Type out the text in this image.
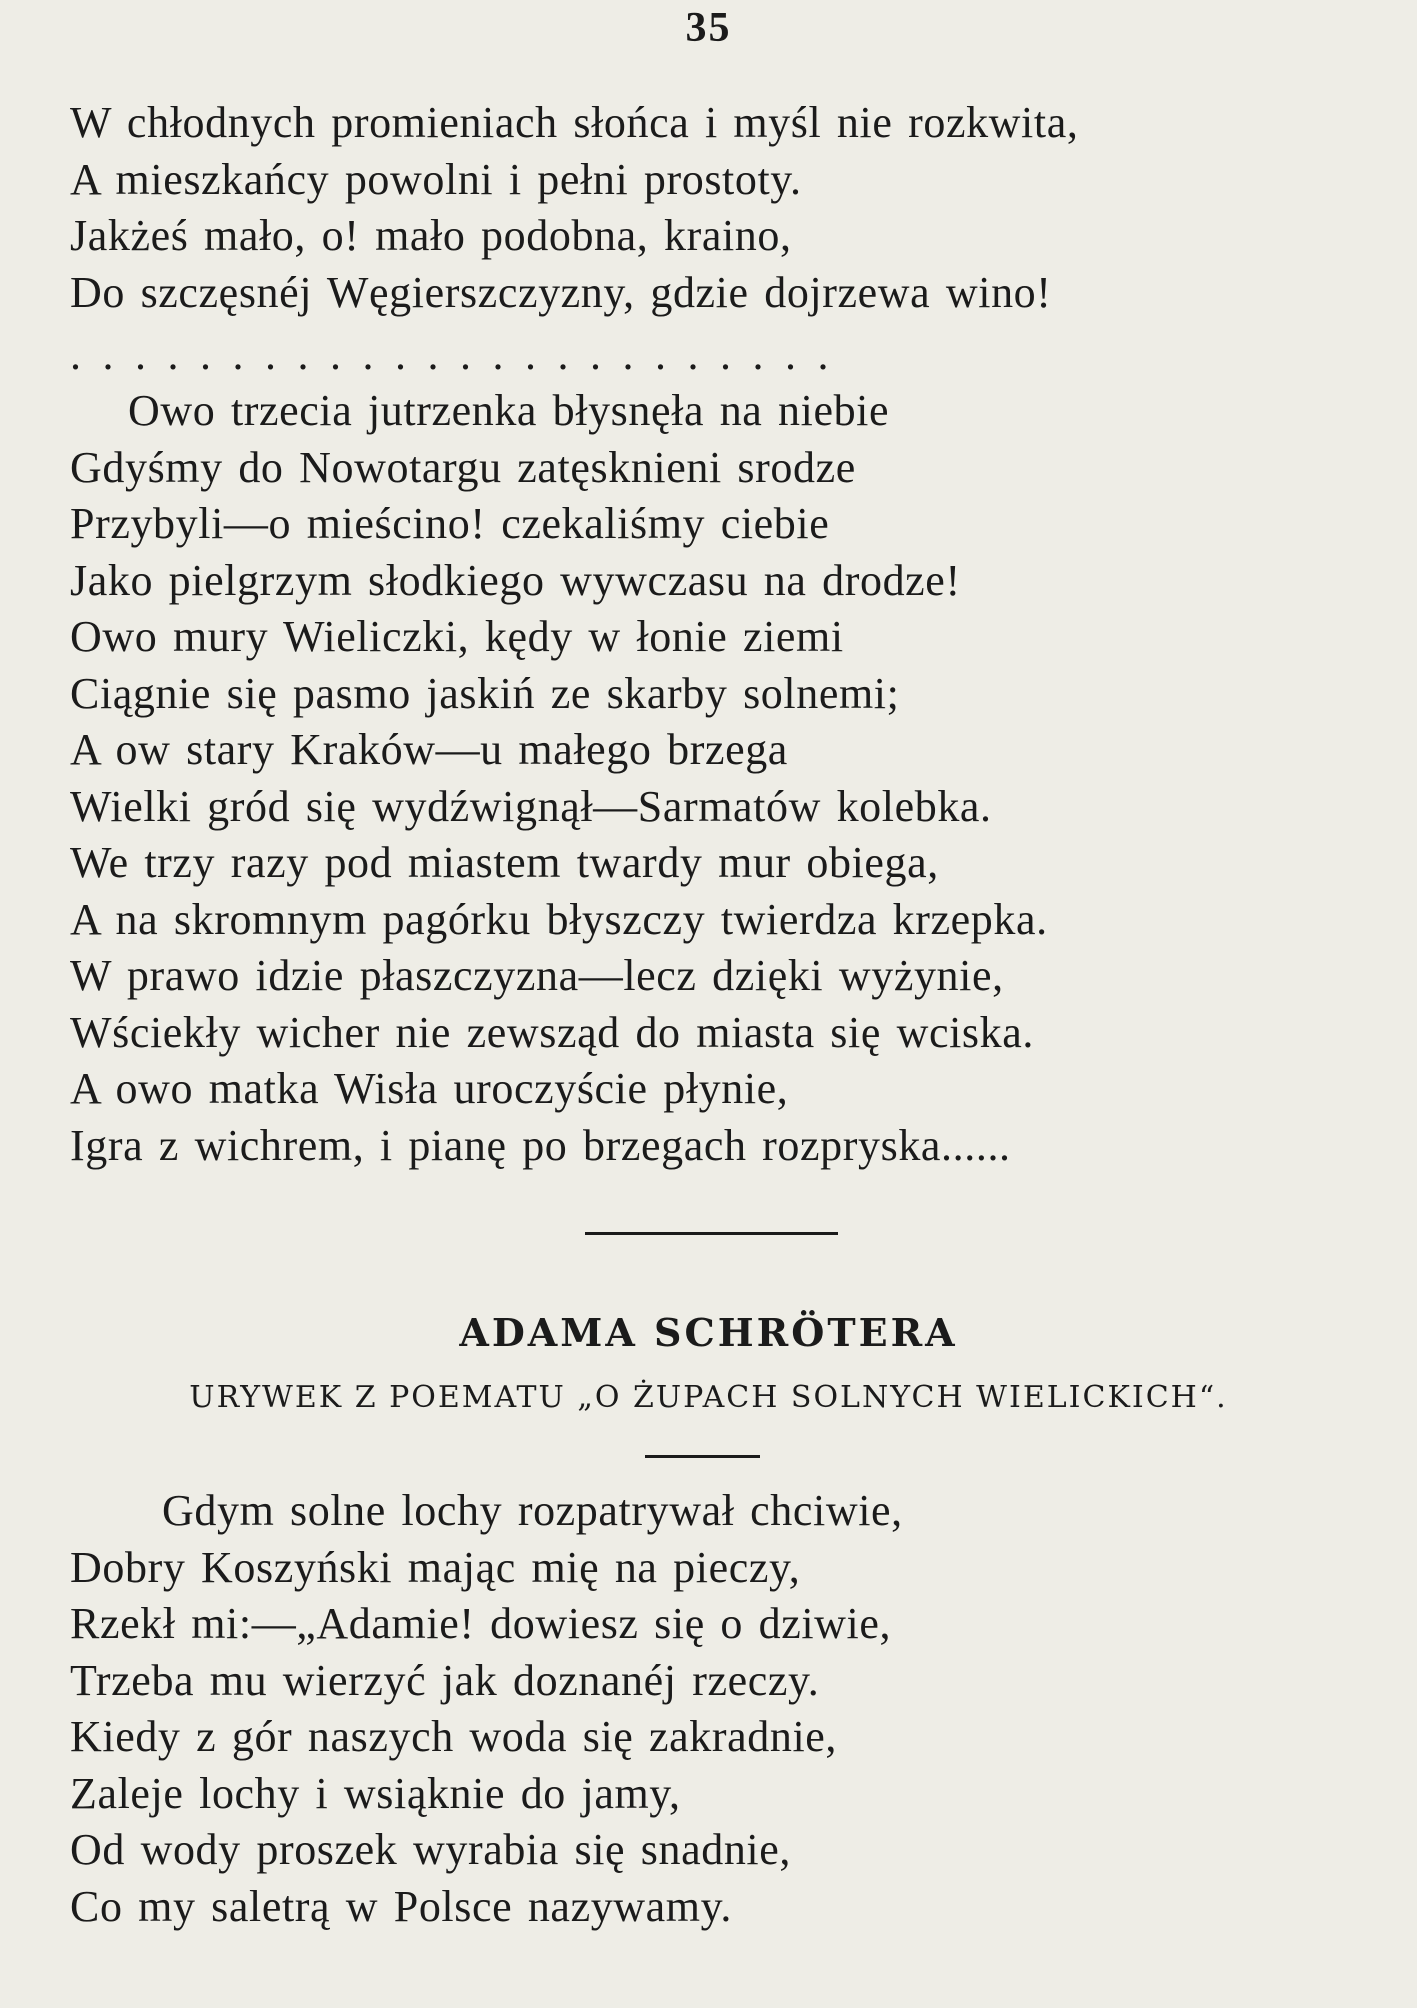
35
W chłodnych promieniach słońca i myśl nie rozkwita,
A mieszkańcy powolni i pełni prostoty.
Jakżeś mało, o! mało podobna, kraino,
Do szczęsnéj Węgierszczyzny, gdzie dojrzewa wino!
........................
Owo trzecia jutrzenka błysnęła na niebie
Gdyśmy do Nowotargu zatęsknieni srodze
Przybyli—o mieścino! czekaliśmy ciebie
Jako pielgrzym słodkiego wywczasu na drodze!
Owo mury Wieliczki, kędy w łonie ziemi
Ciągnie się pasmo jaskiń ze skarby solnemi;
A ow stary Kraków—u małego brzega
Wielki gród się wydźwignął—Sarmatów kolebka.
We trzy razy pod miastem twardy mur obiega,
A na skromnym pagórku błyszczy twierdza krzepka.
W prawo idzie płaszczyzna—lecz dzięki wyżynie,
Wściekły wicher nie zewsząd do miasta się wciska.
A owo matka Wisła uroczyście płynie,
Igra z wichrem, i pianę po brzegach rozpryska......
ADAMA SCHRÖTERA
URYWEK Z POEMATU „O ŻUPACH SOLNYCH WIELICKICH“.
Gdym solne lochy rozpatrywał chciwie,
Dobry Koszyński mając mię na pieczy,
Rzekł mi:—„Adamie! dowiesz się o dziwie,
Trzeba mu wierzyć jak doznanéj rzeczy.
Kiedy z gór naszych woda się zakradnie,
Zaleje lochy i wsiąknie do jamy,
Od wody proszek wyrabia się snadnie,
Co my saletrą w Polsce nazywamy.
